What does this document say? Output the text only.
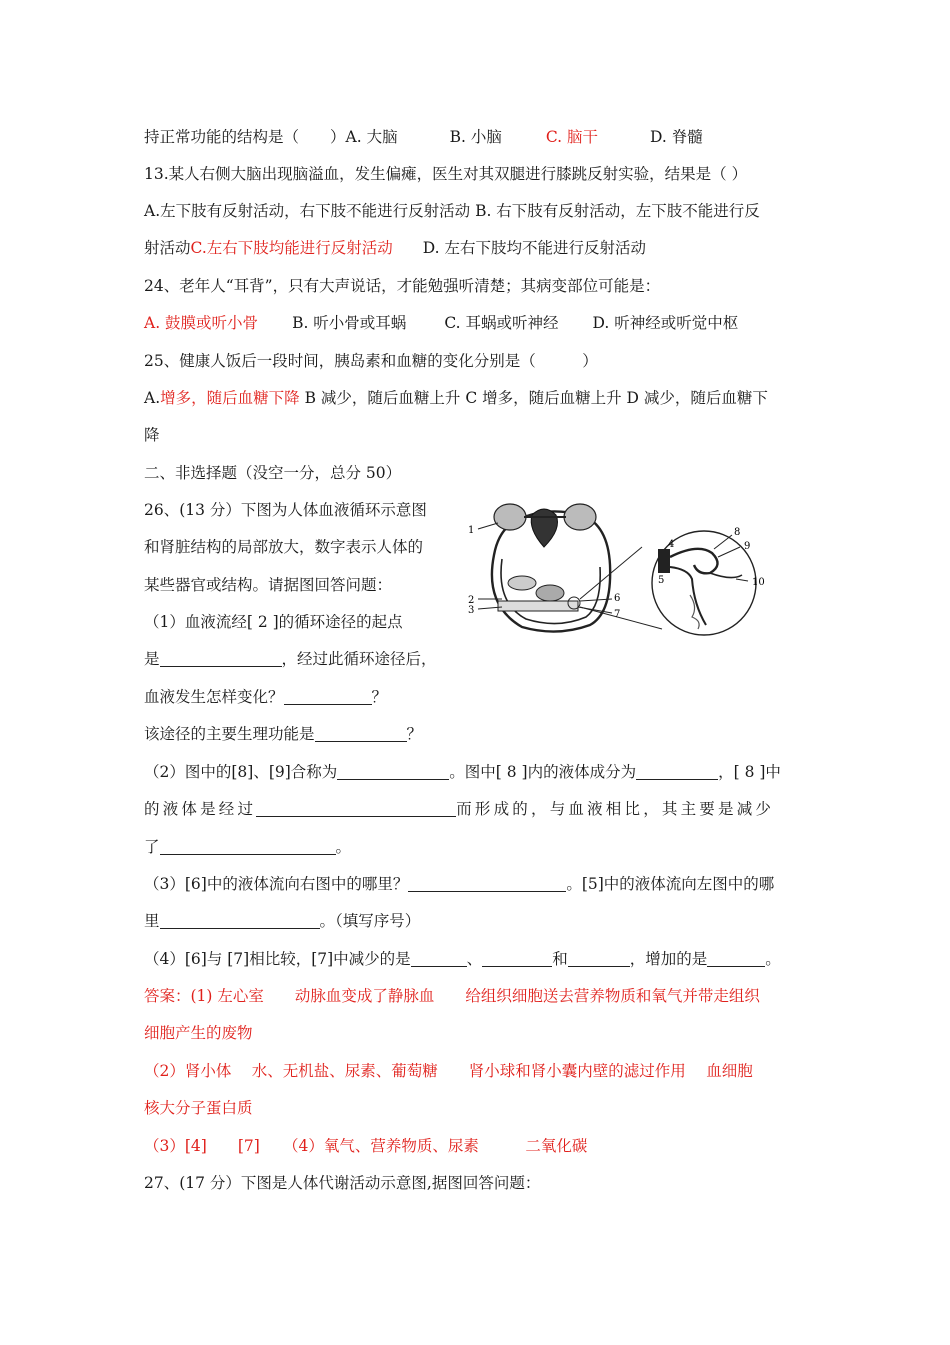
持正常功能的结构是（　　）A. 大脑	B. 小脑	C. 脑干	D. 脊髓
13.某人右侧大脑出现脑溢血，发生偏瘫，医生对其双腿进行膝跳反射实验，结果是（ ）
A.左下肢有反射活动，右下肢不能进行反射活动 B. 右下肢有反射活动，左下肢不能进行反
射活动C.左右下肢均能进行反射活动 D. 左右下肢均不能进行反射活动
24、老年人“耳背”，只有大声说话，才能勉强听清楚；其病变部位可能是：
A. 鼓膜或听小骨 B. 听小骨或耳蜗 C. 耳蜗或听神经 D. 听神经或听觉中枢
25、健康人饭后一段时间，胰岛素和血糖的变化分别是（　　　）
A.增多，随后血糖下降 B 减少，随后血糖上升 C 增多，随后血糖上升 D 减少，随后血糖下
降
二、非选择题（没空一分，总分 50）
26、(13 分）下图为人体血液循环示意图
和肾脏结构的局部放大，数字表示人体的
某些器官或结构。请据图回答问题：
（1）血液流经[ 2 ]的循环途径的起点
是	，经过此循环途径后，
血液发生怎样变化？	？
该途径的主要生理功能是	？
（2）图中的[8]、[9]合称为	。图中[ 8 ]内的液体成分为	，[ 8 ]中
的液体是经过	而形成的，与血液相比，其主要是减少
了	。
（3）[6]中的液体流向右图中的哪里？	。[5]中的液体流向左图中的哪
里	。（填写序号）
（4）[6]与 [7]相比较，[7]中减少的是	、	和	，增加的是	。
答案：(1) 左心室　　动脉血变成了静脉血　　给组织细胞送去营养物质和氧气并带走组织
细胞产生的废物
（2）肾小体　 水、无机盐、尿素、葡萄糖　　肾小球和肾小囊内壁的滤过作用　 血细胞
核大分子蛋白质
（3）[4]　　[7]　　（4）氧气、营养物质、尿素　　　二氧化碳
27、(17 分）下图是人体代谢活动示意图,据图回答问题：
1
2
3
6
7
4
5
8
9
10
